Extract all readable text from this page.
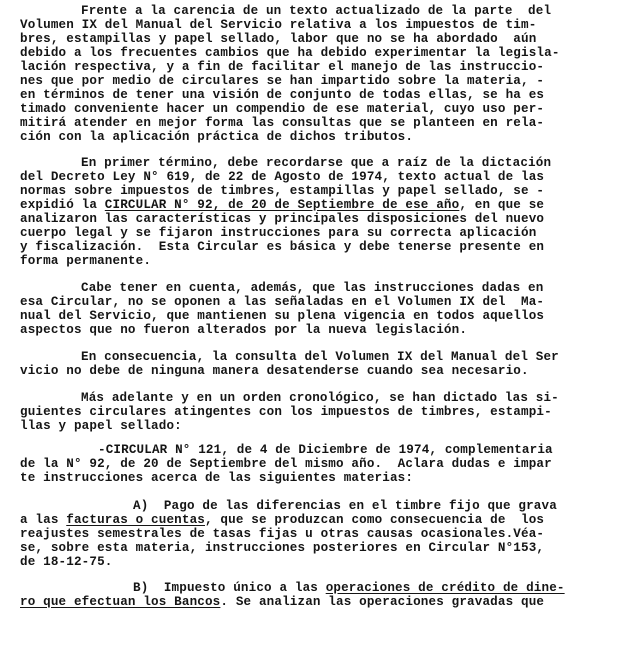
Frente a la carencia de un texto actualizado de la parte  del
Volumen IX del Manual del Servicio relativa a los impuestos de tim-
bres, estampillas y papel sellado, labor que no se ha abordado  aún
debido a los frecuentes cambios que ha debido experimentar la legisla-
lación respectiva, y a fin de facilitar el manejo de las instruccio-
nes que por medio de circulares se han impartido sobre la materia, -
en términos de tener una visión de conjunto de todas ellas, se ha es
timado conveniente hacer un compendio de ese material, cuyo uso per-
mitirá atender en mejor forma las consultas que se planteen en rela-
ción con la aplicación práctica de dichos tributos.
En primer término, debe recordarse que a raíz de la dictación
del Decreto Ley N° 619, de 22 de Agosto de 1974, texto actual de las
normas sobre impuestos de timbres, estampillas y papel sellado, se -
expidió la CIRCULAR N° 92, de 20 de Septiembre de ese año, en que se
analizaron las características y principales disposiciones del nuevo
cuerpo legal y se fijaron instrucciones para su correcta aplicación
y fiscalización.  Esta Circular es básica y debe tenerse presente en
forma permanente.
Cabe tener en cuenta, además, que las instrucciones dadas en
esa Circular, no se oponen a las señaladas en el Volumen IX del  Ma-
nual del Servicio, que mantienen su plena vigencia en todos aquellos
aspectos que no fueron alterados por la nueva legislación.
En consecuencia, la consulta del Volumen IX del Manual del Ser
vicio no debe de ninguna manera desatenderse cuando sea necesario.
Más adelante y en un orden cronológico, se han dictado las si-
guientes circulares atingentes con los impuestos de timbres, estampi-
llas y papel sellado:
-CIRCULAR N° 121, de 4 de Diciembre de 1974, complementaria
de la N° 92, de 20 de Septiembre del mismo año.  Aclara dudas e impar
te instrucciones acerca de las siguientes materias:
A)  Pago de las diferencias en el timbre fijo que grava
a las facturas o cuentas, que se produzcan como consecuencia de  los
reajustes semestrales de tasas fijas u otras causas ocasionales.Véa-
se, sobre esta materia, instrucciones posteriores en Circular N°153,
de 18-12-75.
B)  Impuesto único a las operaciones de crédito de dine-
ro que efectuan los Bancos. Se analizan las operaciones gravadas que
